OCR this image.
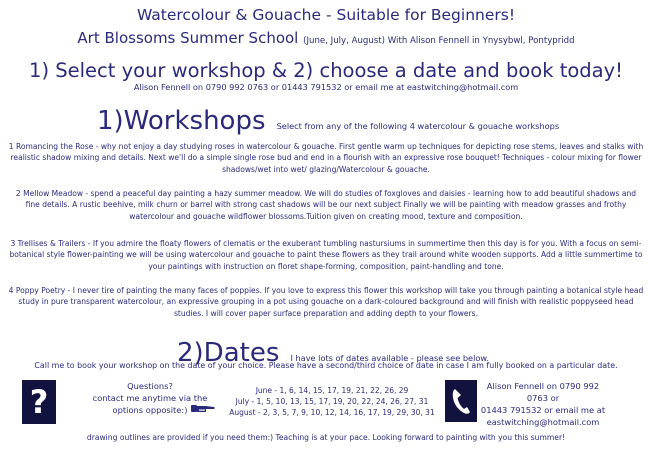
Watercolour & Gouache - Suitable for Beginners!
Art Blossoms Summer School (June, July, August) With Alison Fennell in Ynysybwl, Pontypridd
1) Select your workshop & 2) choose a date and book today!
Alison Fennell on 0790 992 0763 or 01443 791532 or email me at eastwitching@hotmail.com
1)Workshops Select from any of the following 4 watercolour & gouache workshops
1 Romancing the Rose - why not enjoy a day studying roses in watercolour & gouache. First gentle warm up techniques for depicting rose stems, leaves and stalks with realistic shadow mixing and details. Next we'll do a simple single rose bud and end in a flourish with an expressive rose bouquet! Techniques - colour mixing for flower shadows/wet into wet/ glazing/Watercolour & gouache.
2 Mellow Meadow - spend a peaceful day painting a hazy summer meadow. We will do studies of foxgloves and daisies - learning how to add beautiful shadows and fine details. A rustic beehive, milk churn or barrel with strong cast shadows will be our next subject Finally we will be painting with meadow grasses and frothy watercolour and gouache wildflower blossoms.Tuition given on creating mood, texture and composition.
3 Trellises & Trailers - If you admire the floaty flowers of clematis or the exuberant tumbling nastursiums in summertime then this day is for you. With a focus on semi-botanical style flower-painting we will be using watercolour and gouache to paint these flowers as they trail around white wooden supports. Add a little summertime to your paintings with instruction on floret shape-forming, composition, paint-handling and tone.
4 Poppy Poetry - I never tire of painting the many faces of poppies. If you love to express this flower this workshop will take you through painting a botanical style head study in pure transparent watercolour, an expressive grouping in a pot using gouache on a dark-coloured background and will finish with realistic poppyseed head studies. I will cover paper surface preparation and adding depth to your flowers.
2)Dates I have lots of dates available - please see below.
Call me to book your workshop on the date of your choice. Please have a second/third choice of date in case I am fully booked on a particular date.
?	Questions?
contact me anytime via the
options opposite:)
June - 1, 6, 14, 15, 17, 19, 21, 22, 26, 29
July - 1, 5, 10, 13, 15, 17, 19, 20, 22, 24, 26, 27, 31
August - 2, 3, 5, 7, 9, 10, 12, 14, 16, 17, 19, 29, 30, 31
Alison Fennell on 0790 992 0763 or
01443 791532 or email me at
eastwitching@hotmail.com
drawing outlines are provided if you need them:) Teaching is at your pace. Looking forward to painting with you this summer!
